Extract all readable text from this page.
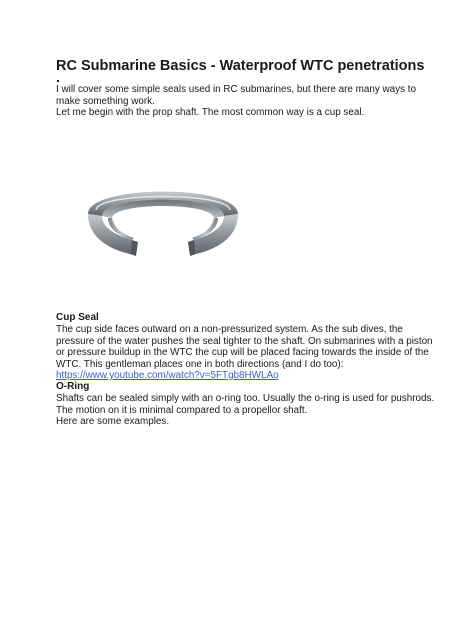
RC Submarine Basics - Waterproof WTC penetrations
I will cover some simple seals used in RC submarines, but there are many ways to
make something work.
Let me begin with the prop shaft. The most common way is a cup seal.
Cup Seal
The cup side faces outward on a non-pressurized system. As the sub dives, the
pressure of the water pushes the seal tighter to the shaft. On submarines with a piston
or pressure buildup in the WTC the cup will be placed facing towards the inside of the
WTC. This gentleman places one in both directions (and I do too):
https://www.youtube.com/watch?v=5FTgb8HWLAo
O-Ring
Shafts can be sealed simply with an o-ring too. Usually the o-ring is used for pushrods.
The motion on it is minimal compared to a propellor shaft.
Here are some examples.
